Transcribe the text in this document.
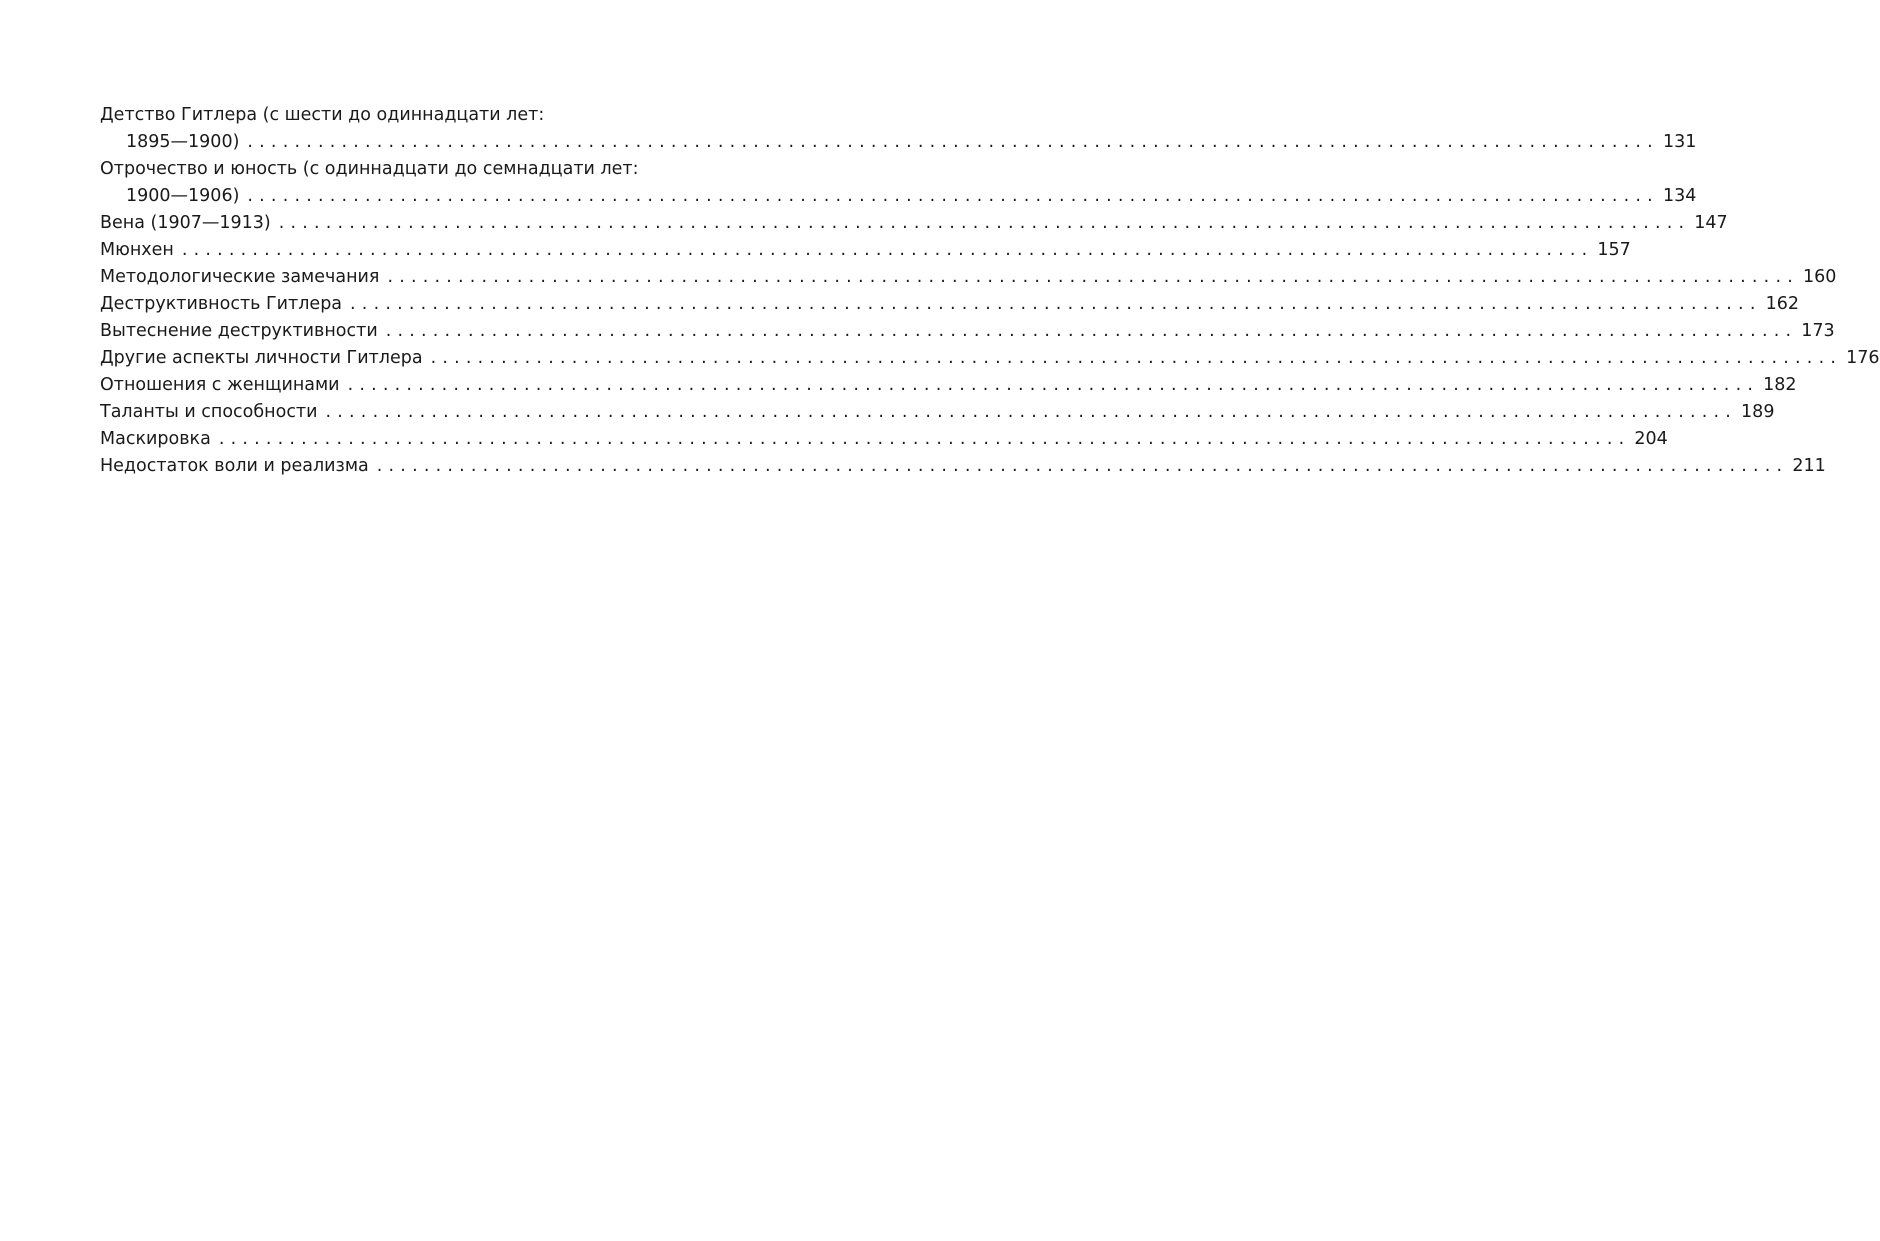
Детство Гитлера (с шести до одиннадцати лет:
1895—1900) ........................................................................................................................ 131
Отрочество и юность (с одиннадцати до семнадцати лет:
1900—1906) ........................................................................................................................ 134
Вена (1907—1913) ........................................................................................................................ 147
Мюнхен ........................................................................................................................ 157
Методологические замечания ........................................................................................................................ 160
Деструктивность Гитлера ........................................................................................................................ 162
Вытеснение деструктивности ........................................................................................................................ 173
Другие аспекты личности Гитлера ........................................................................................................................ 176
Отношения с женщинами ........................................................................................................................ 182
Таланты и способности ........................................................................................................................ 189
Маскировка ........................................................................................................................ 204
Недостаток воли и реализма ........................................................................................................................ 211
